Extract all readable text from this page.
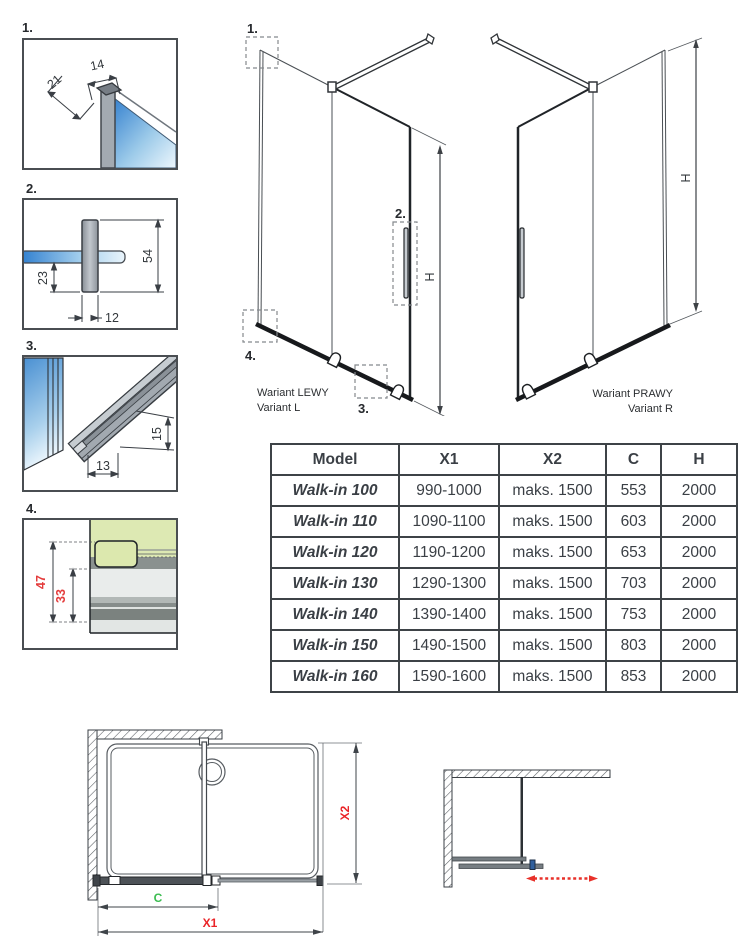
1.
14
21
2.
54
23
12
3.
15
13
4.
47
33
1.
2.
3.
4.
H
Wariant LEWY
Variant L
H
Wariant PRAWY
Variant R
Model	X1	X2	C	H
Walk-in 100	990-1000	maks. 1500	553	2000
Walk-in 110	1090-1100	maks. 1500	603	2000
Walk-in 120	1190-1200	maks. 1500	653	2000
Walk-in 130	1290-1300	maks. 1500	703	2000
Walk-in 140	1390-1400	maks. 1500	753	2000
Walk-in 150	1490-1500	maks. 1500	803	2000
Walk-in 160	1590-1600	maks. 1500	853	2000
C
X1
X2
